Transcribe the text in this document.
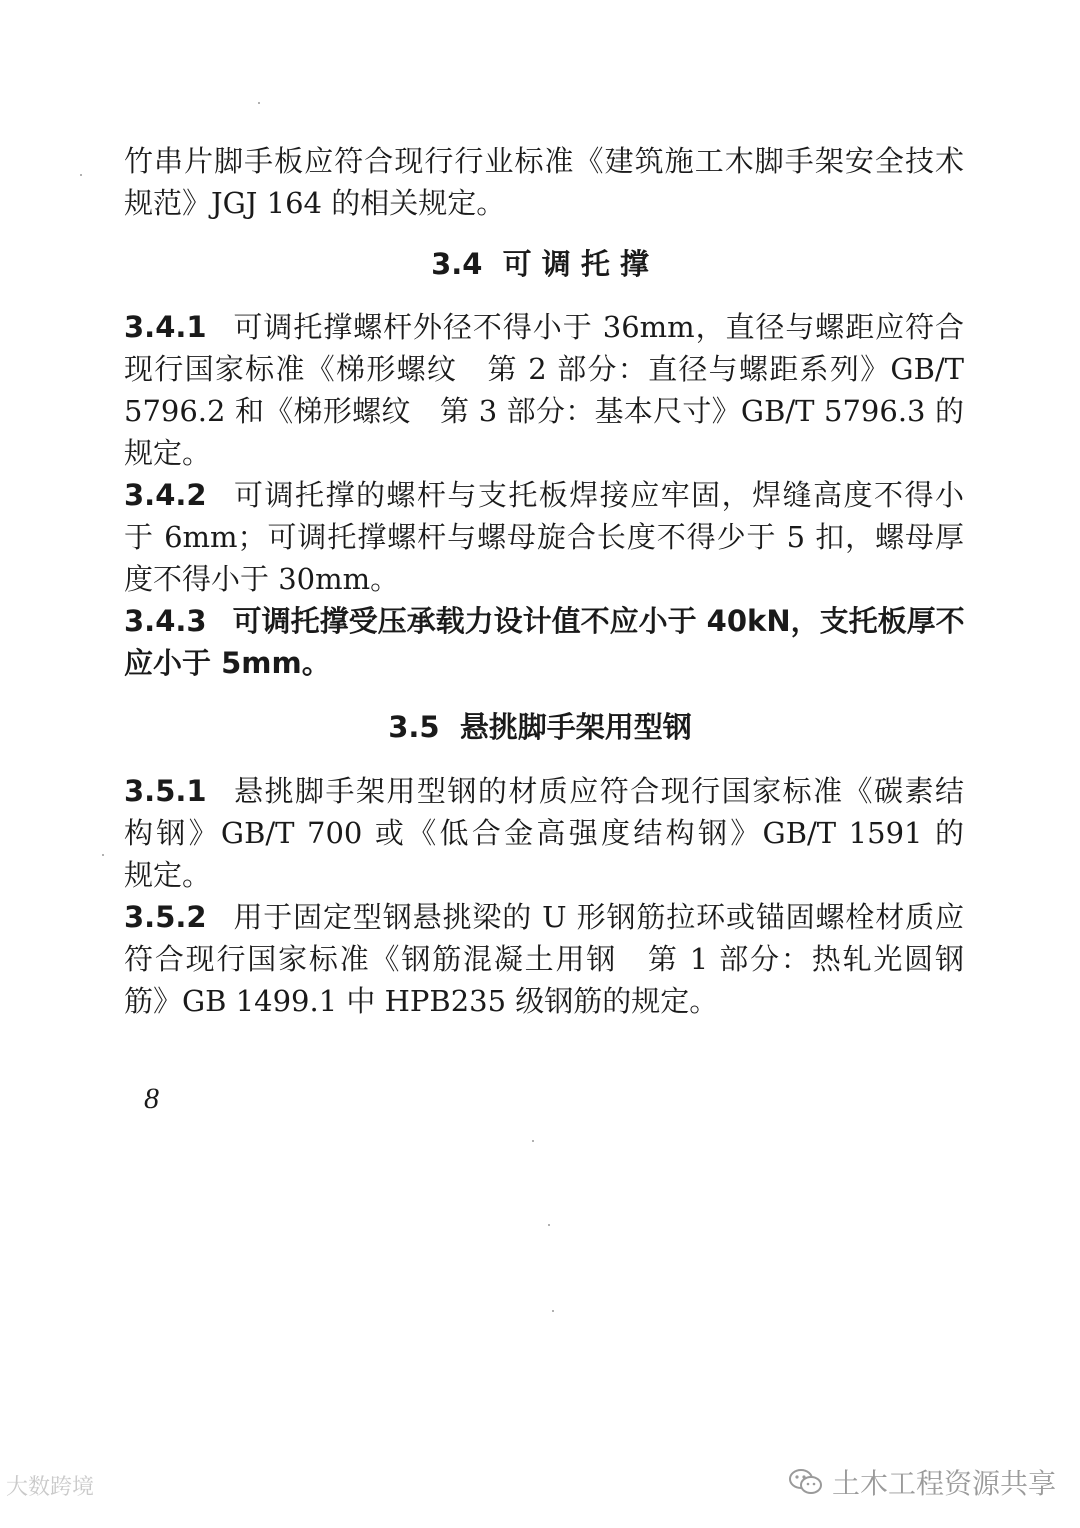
竹串片脚手板应符合现行行业标准《建筑施工木脚手架安全技术
规范》JGJ 164 的相关规定。
3.4  可 调 托 撑
3.4.1 可调托撑螺杆外径不得小于 36mm，直径与螺距应符合
现行国家标准《梯形螺纹　第 2 部分：直径与螺距系列》GB/T
5796.2 和《梯形螺纹　第 3 部分：基本尺寸》GB/T 5796.3 的
规定。
3.4.2 可调托撑的螺杆与支托板焊接应牢固，焊缝高度不得小
于 6mm；可调托撑螺杆与螺母旋合长度不得少于 5 扣，螺母厚
度不得小于 30mm。
3.4.3 可调托撑受压承载力设计值不应小于 40kN，支托板厚不
应小于 5mm。
3.5  悬挑脚手架用型钢
3.5.1 悬挑脚手架用型钢的材质应符合现行国家标准《碳素结
构钢》GB/T 700 或《低合金高强度结构钢》GB/T 1591 的
规定。
3.5.2 用于固定型钢悬挑梁的 U 形钢筋拉环或锚固螺栓材质应
符合现行国家标准《钢筋混凝土用钢　第 1 部分：热轧光圆钢
筋》GB 1499.1 中 HPB235 级钢筋的规定。
8
大数跨境	土木工程资源共享
